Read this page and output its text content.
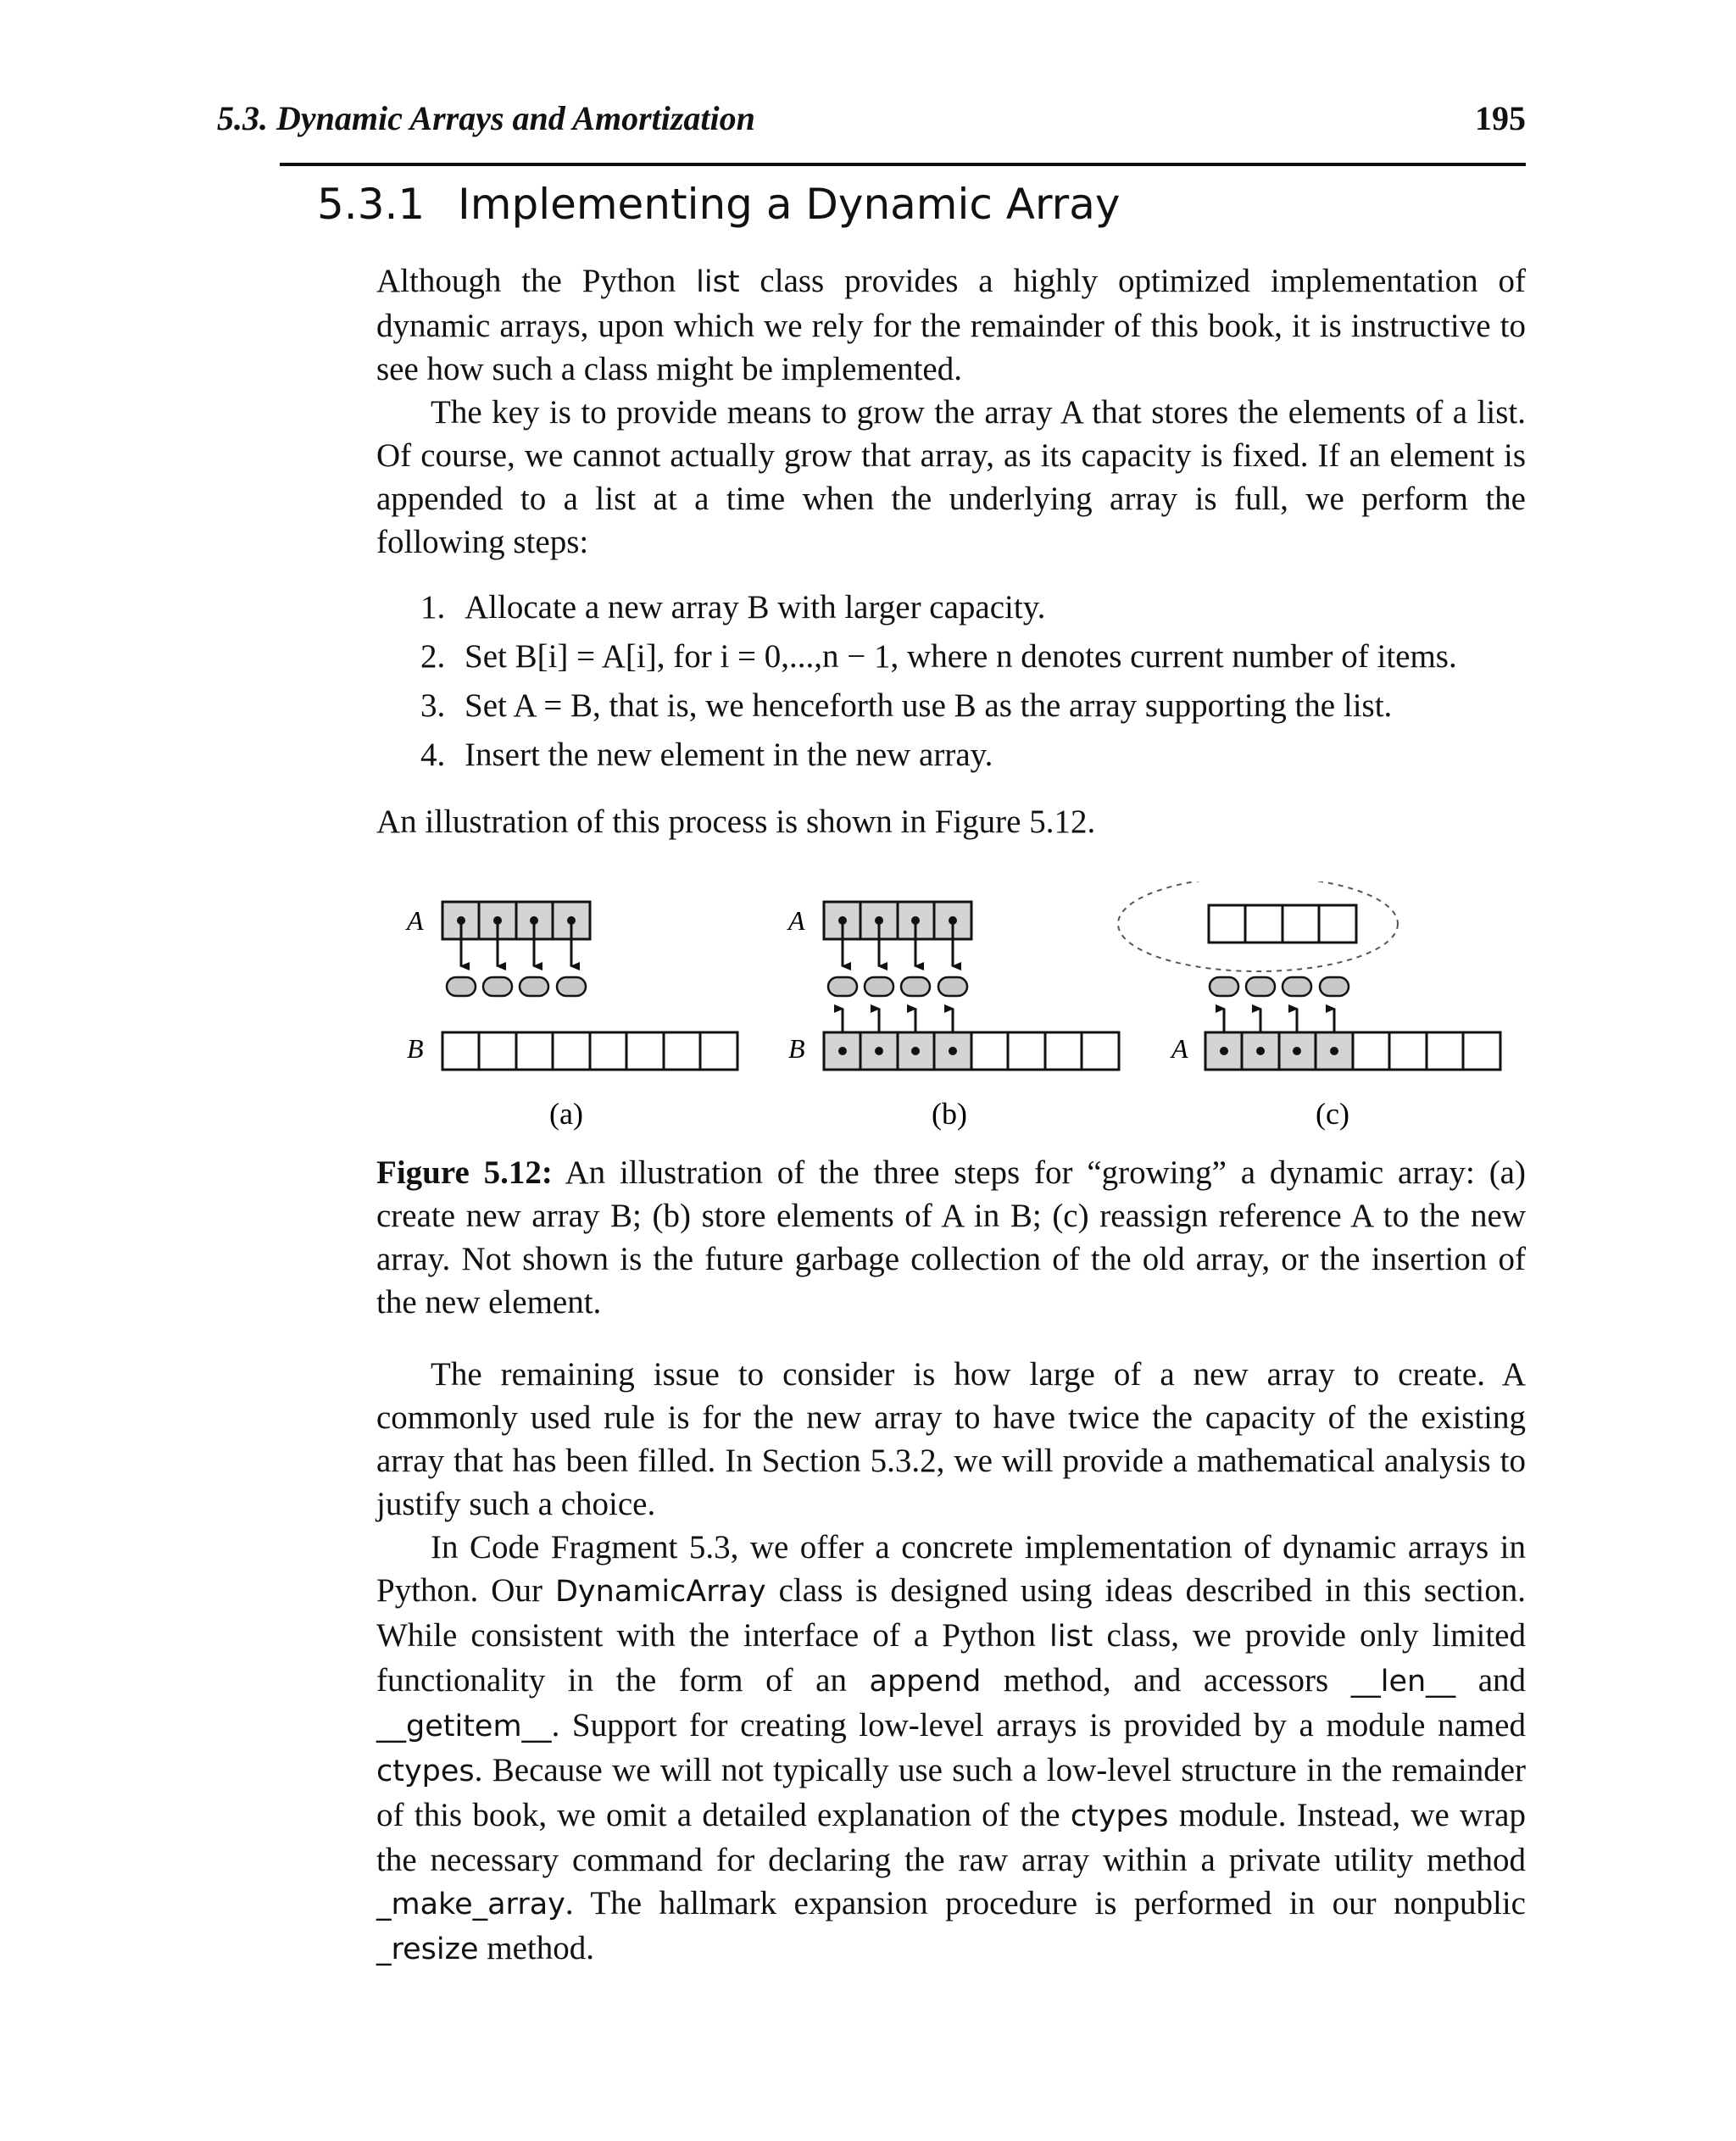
5.3. Dynamic Arrays and Amortization	195
5.3.1 Implementing a Dynamic Array

Although the Python list class provides a highly optimized implementation of dynamic arrays, upon which we rely for the remainder of this book, it is instructive to see how such a class might be implemented.

The key is to provide means to grow the array A that stores the elements of a list. Of course, we cannot actually grow that array, as its capacity is fixed. If an element is appended to a list at a time when the underlying array is full, we perform the following steps:

1. Allocate a new array B with larger capacity.
2. Set B[i] = A[i], for i = 0,...,n − 1, where n denotes current number of items.
3. Set A = B, that is, we henceforth use B as the array supporting the list.
4. Insert the new element in the new array.
An illustration of this process is shown in Figure 5.12.
A
B
(a)
A
B
(b)
A
(c)
Figure 5.12: An illustration of the three steps for “growing” a dynamic array: (a) create new array B; (b) store elements of A in B; (c) reassign reference A to the new array. Not shown is the future garbage collection of the old array, or the insertion of the new element.

The remaining issue to consider is how large of a new array to create. A commonly used rule is for the new array to have twice the capacity of the existing array that has been filled. In Section 5.3.2, we will provide a mathematical analysis to justify such a choice.

In Code Fragment 5.3, we offer a concrete implementation of dynamic arrays in Python. Our DynamicArray class is designed using ideas described in this section. While consistent with the interface of a Python list class, we provide only limited functionality in the form of an append method, and accessors __len__ and __getitem__. Support for creating low-level arrays is provided by a module named ctypes. Because we will not typically use such a low-level structure in the remainder of this book, we omit a detailed explanation of the ctypes module. Instead, we wrap the necessary command for declaring the raw array within a private utility method _make_array. The hallmark expansion procedure is performed in our nonpublic _resize method.
